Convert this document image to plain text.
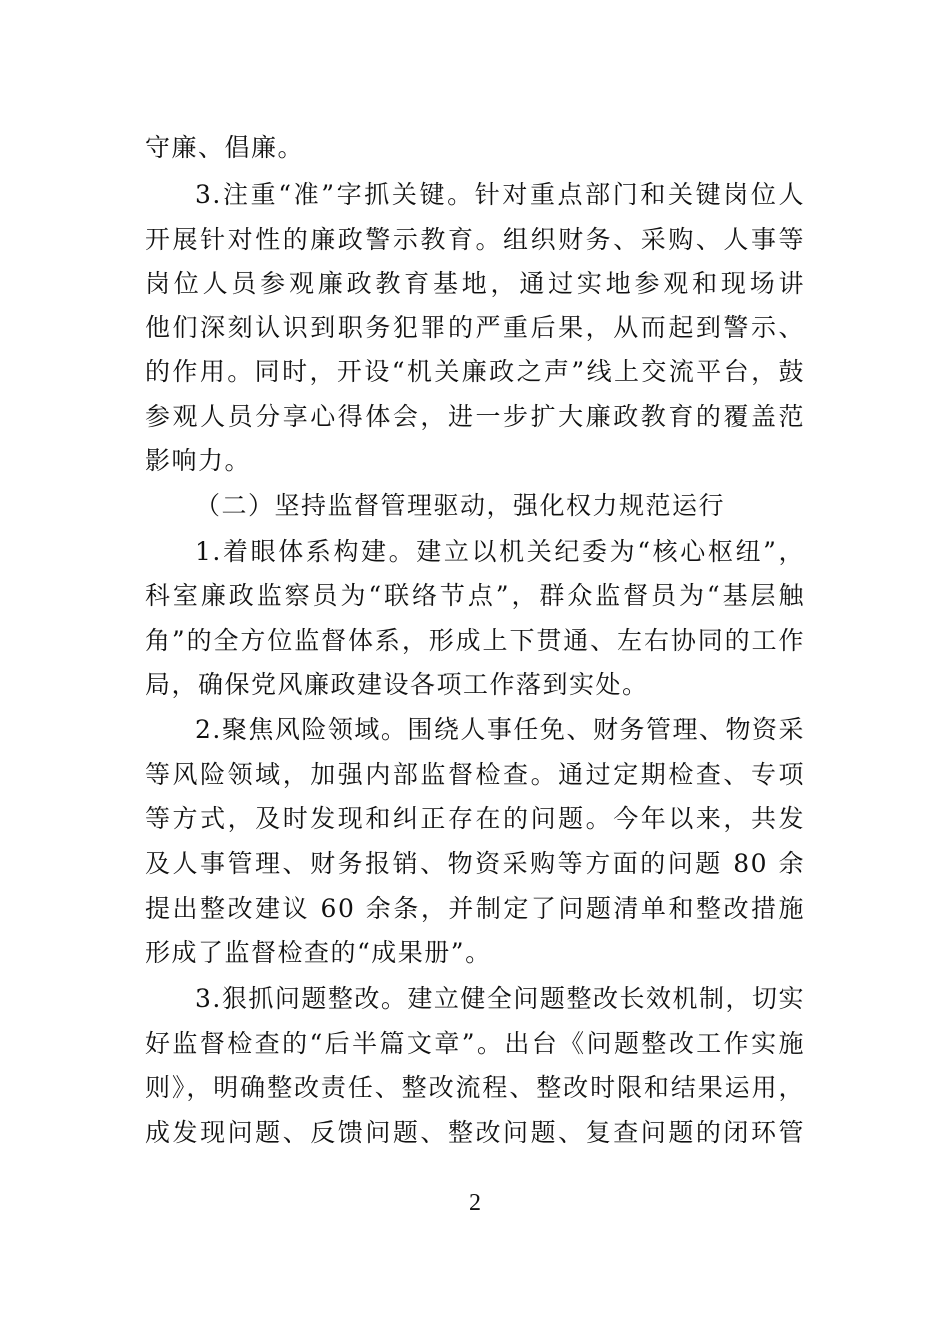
守廉、倡廉。
3.注重“准”字抓关键。针对重点部门和关键岗位人
开展针对性的廉政警示教育。组织财务、采购、人事等
岗位人员参观廉政教育基地，通过实地参观和现场讲
他们深刻认识到职务犯罪的严重后果，从而起到警示、
的作用。同时，开设“机关廉政之声”线上交流平台，鼓
参观人员分享心得体会，进一步扩大廉政教育的覆盖范
影响力。
（二）坚持监督管理驱动，强化权力规范运行
1.着眼体系构建。建立以机关纪委为“核心枢纽”，
科室廉政监察员为“联络节点”，群众监督员为“基层触
角”的全方位监督体系，形成上下贯通、左右协同的工作
局，确保党风廉政建设各项工作落到实处。
2.聚焦风险领域。围绕人事任免、财务管理、物资采
等风险领域，加强内部监督检查。通过定期检查、专项
等方式，及时发现和纠正存在的问题。今年以来，共发
及人事管理、财务报销、物资采购等方面的问题 80 余
提出整改建议 60 余条，并制定了问题清单和整改措施
形成了监督检查的“成果册”。
3.狠抓问题整改。建立健全问题整改长效机制，切实
好监督检查的“后半篇文章”。出台《问题整改工作实施
则》，明确整改责任、整改流程、整改时限和结果运用，
成发现问题、反馈问题、整改问题、复查问题的闭环管
2
